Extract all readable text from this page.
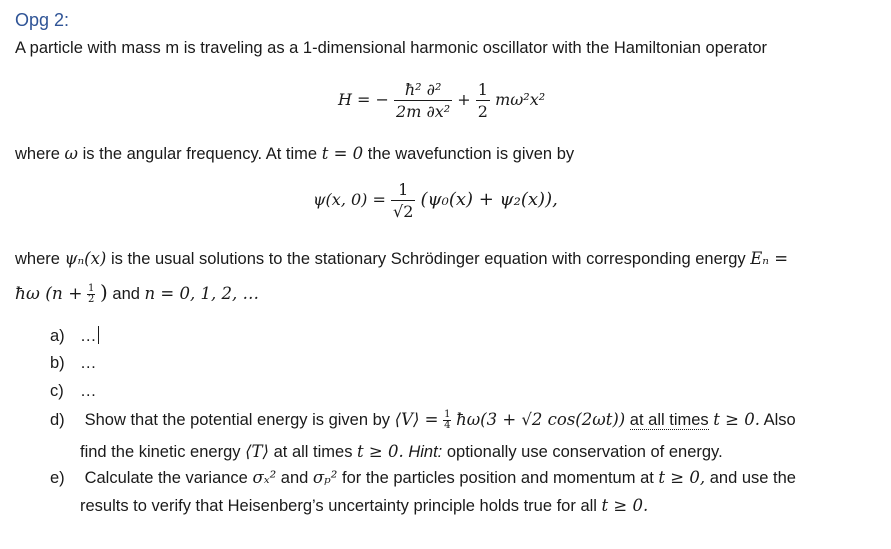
Opg 2:
A particle with mass m is traveling as a 1-dimensional harmonic oscillator with the Hamiltonian operator
H = − $\frac{\text{ħ² ∂²}}{\text{2m ∂x²}} + \frac{1}{2} m\omega^2x^2$
where ω is the angular frequency. At time t = 0 the wavefunction is given by
ψ(x, $0) = \frac{1}{√2} (\psi_0(x) + \psi_2(x))$,
where ψₙ(x) is the usual solutions to the stationary Schrödinger equation with corresponding energy Eₙ =
ħω ($n + \frac{1}{2}$ ) and n = 0, 1, 2, …
a) …
b) …
c) …
d) Show that the potential energy is given by ⟨V⟩ = $\frac{1}{4}$ ħω(3 + √2 cos(2ωt)) at all times t ≥ 0. Also
find the kinetic energy ⟨T⟩ at all times t ≥ 0. Hint: optionally use conservation of energy.
e) Calculate the variance σₓ² and σₚ² for the particles position and momentum at t ≥ 0, and use the
results to verify that Heisenberg’s uncertainty principle holds true for all t ≥ 0.
